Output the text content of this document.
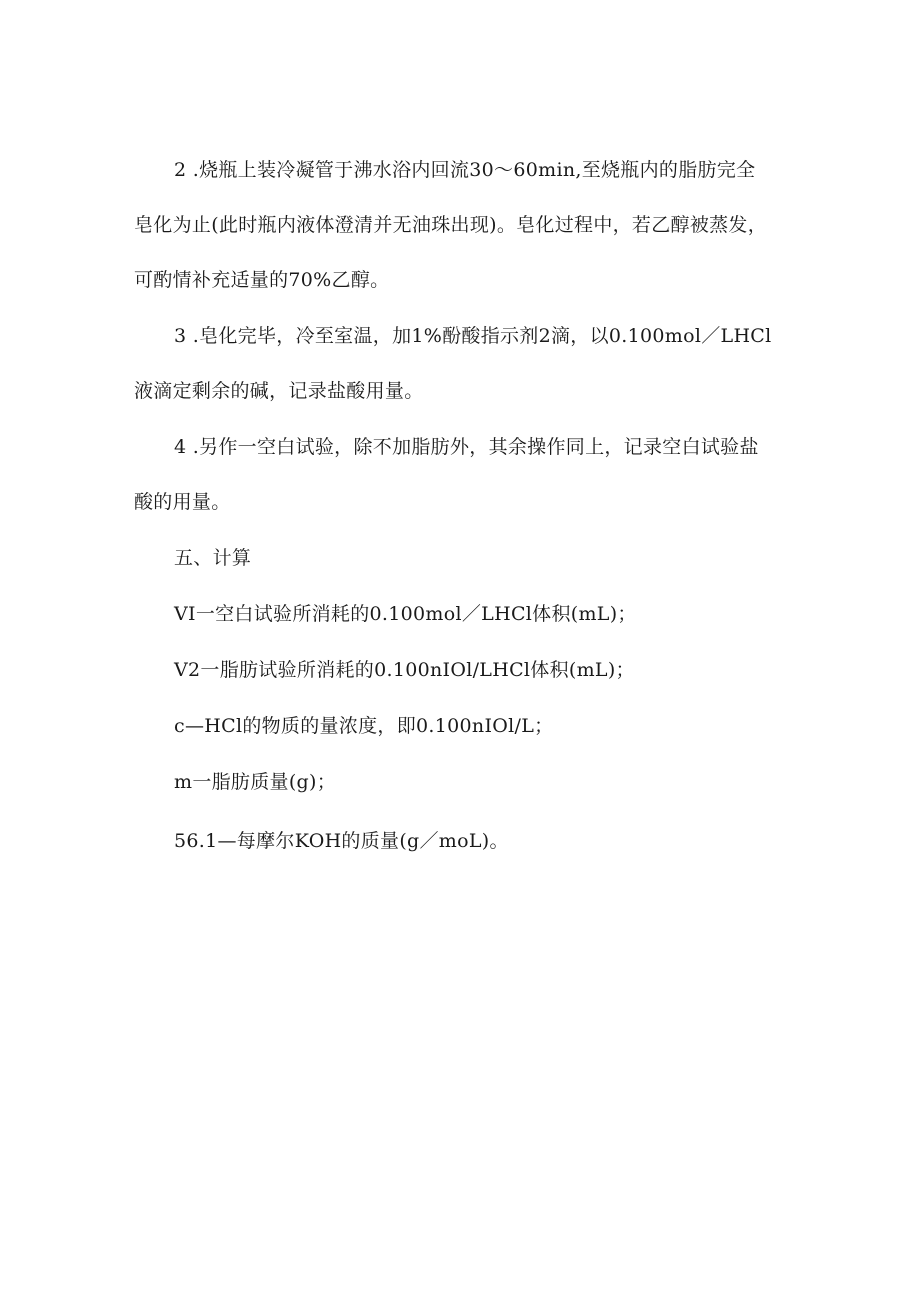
2 .烧瓶上装冷凝管于沸水浴内回流30～60min,至烧瓶内的脂肪完全
皂化为止(此时瓶内液体澄清并无油珠出现)。皂化过程中，若乙醇被蒸发，
可酌情补充适量的70%乙醇。
3 .皂化完毕，冷至室温，加1%酚酸指示剂2滴，以0.100mol／LHCl
液滴定剩余的碱，记录盐酸用量。
4 .另作一空白试验，除不加脂肪外，其余操作同上，记录空白试验盐
酸的用量。
五、计算
VI一空白试验所消耗的0.100mol／LHCl体积(mL)；
V2一脂肪试验所消耗的0.100nIOl/LHCl体积(mL)；
c—HCl的物质的量浓度，即0.100nIOl/L；
m一脂肪质量(g)；
56.1—每摩尔KOH的质量(g／moL)。
